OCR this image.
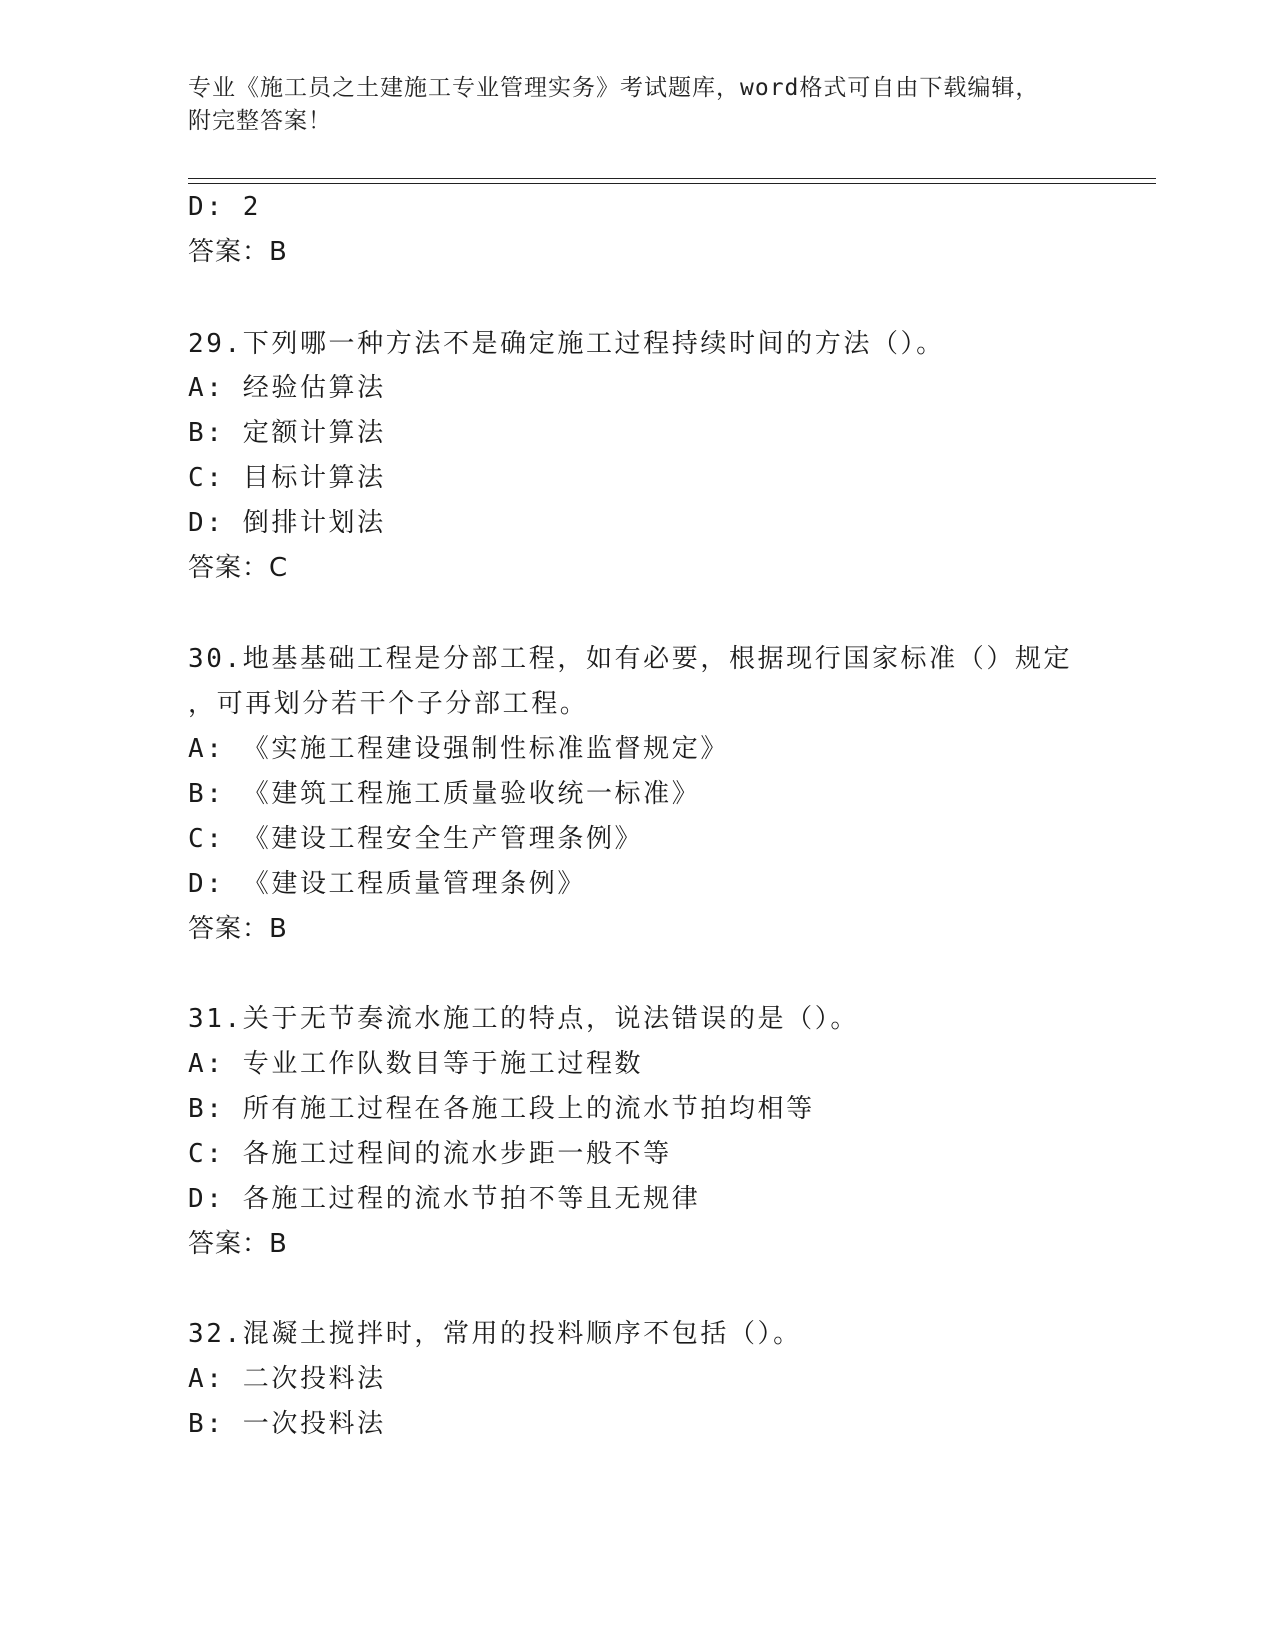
专业《施工员之土建施工专业管理实务》考试题库，word格式可自由下载编辑，
附完整答案！
D: 2
答案：B
29.下列哪一种方法不是确定施工过程持续时间的方法（）。
A: 经验估算法
B: 定额计算法
C: 目标计算法
D: 倒排计划法
答案：C
30.地基基础工程是分部工程，如有必要，根据现行国家标准（）规定
，可再划分若干个子分部工程。
A: 《实施工程建设强制性标准监督规定》
B: 《建筑工程施工质量验收统一标准》
C: 《建设工程安全生产管理条例》
D: 《建设工程质量管理条例》
答案：B
31.关于无节奏流水施工的特点，说法错误的是（）。
A: 专业工作队数目等于施工过程数
B: 所有施工过程在各施工段上的流水节拍均相等
C: 各施工过程间的流水步距一般不等
D: 各施工过程的流水节拍不等且无规律
答案：B
32.混凝土搅拌时，常用的投料顺序不包括（）。
A: 二次投料法
B: 一次投料法
